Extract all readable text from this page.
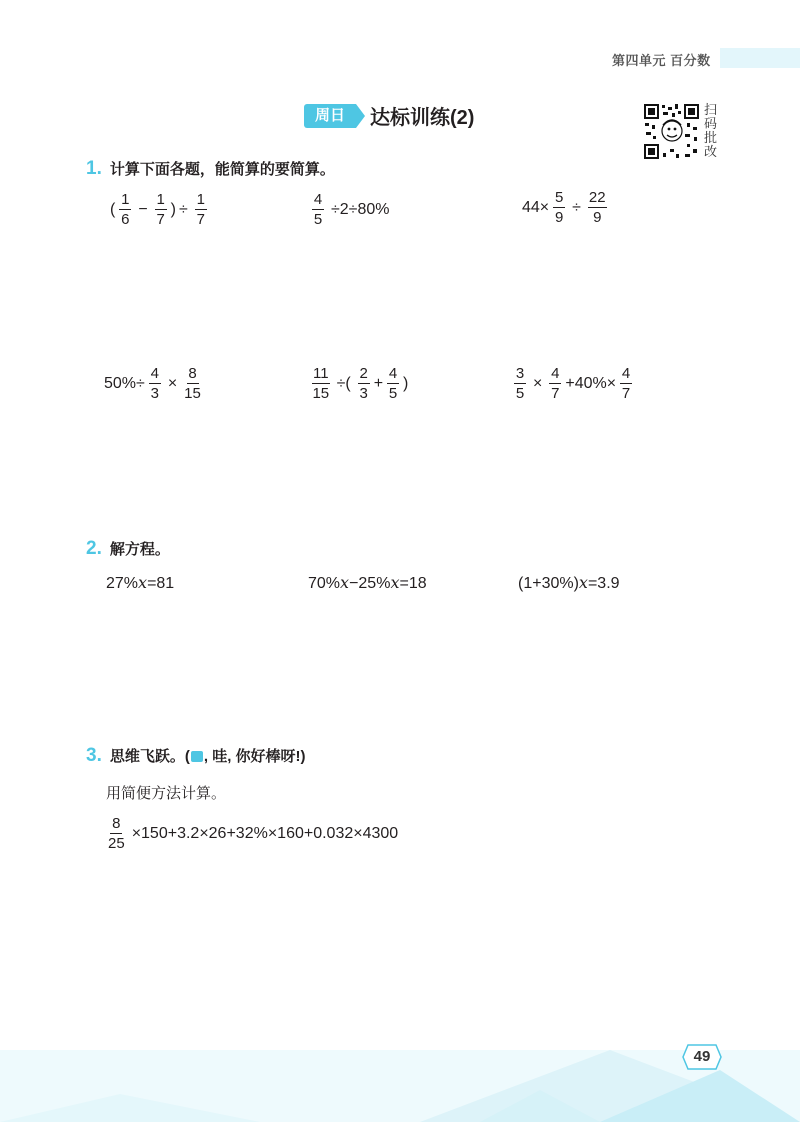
第四单元 百分数
周日	达标训练(2)	扫码批改
1. 计算下面各题，能简算的要简算。
( $\frac{1}{6} - \frac{1}{7}$ ) ÷ $\frac{1}{7}$	$\frac{4}{5} \div 2\div 80\%$	$44\times \frac{5}{9} \div \frac{22}{9}$
$50\%\div \frac{4}{3} \times \frac{8}{15}$	$\frac{11}{15}$ ÷( $\frac{2}{3} + \frac{4}{5}$ )	$\frac{3}{5} \times \frac{4}{7} +40\%\times \frac{4}{7}$
2. 解方程。
27%x=81	70%x−25%x=18	(1+30%)x=3.9
3. 思维飞跃。( , 哇, 你好棒呀!)
用简便方法计算。
$\frac{8}{25} \times 150+3.2\times 26+32\%\times 160+0.032\times 4300$
49
